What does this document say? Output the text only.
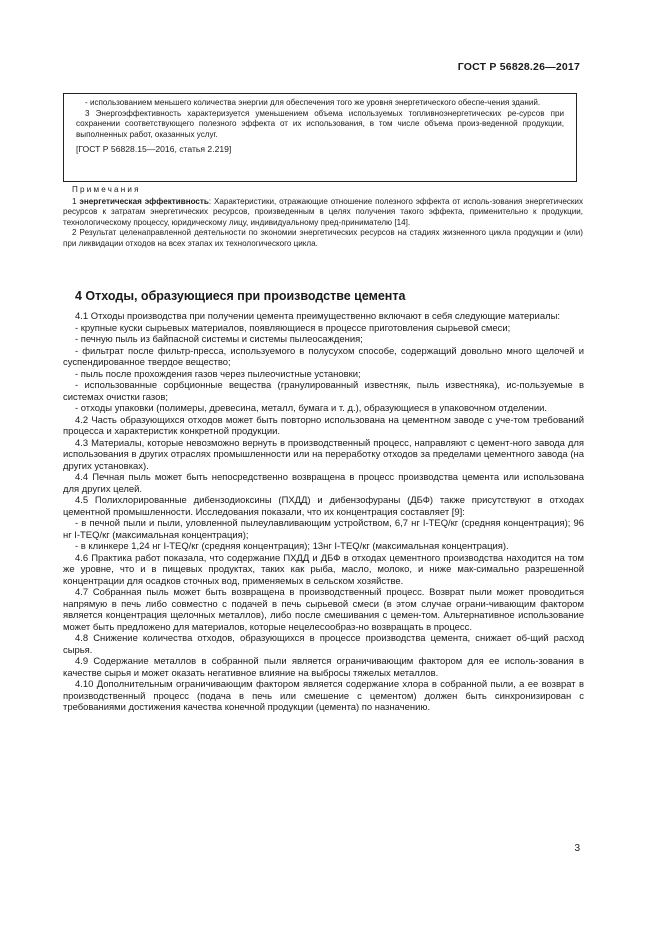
ГОСТ Р 56828.26—2017

- использованием меньшего количества энергии для обеспечения того же уровня энергетического обеспе-чения зданий.

3 Энергоэффективность характеризуется уменьшением объема используемых топливноэнергетических ре-сурсов при сохранении соответствующего полезного эффекта от их использования, в том числе объема произ-веденной продукции, выполненных работ, оказанных услуг.

[ГОСТ Р 56828.15—2016, статья 2.219]

Примечания

1 энергетическая эффективность: Характеристики, отражающие отношение полезного эффекта от исполь-зования энергетических ресурсов к затратам энергетических ресурсов, произведенным в целях получения такого эффекта, применительно к продукции, технологическому процессу, юридическому лицу, индивидуальному пред-принимателю [14].

2 Результат целенаправленной деятельности по экономии энергетических ресурсов на стадиях жизненного цикла продукции и (или) при ликвидации отходов на всех этапах их технологического цикла.

4 Отходы, образующиеся при производстве цемента

4.1 Отходы производства при получении цемента преимущественно включают в себя следующие материалы:

- крупные куски сырьевых материалов, появляющиеся в процессе приготовления сырьевой смеси;

- печную пыль из байпасной системы и системы пылеосаждения;

- фильтрат после фильтр-пресса, используемого в полусухом способе, содержащий довольно много щелочей и суспендированное твердое вещество;

- пыль после прохождения газов через пылеочистные установки;

- использованные сорбционные вещества (гранулированный известняк, пыль известняка), ис-пользуемые в системах очистки газов;

- отходы упаковки (полимеры, древесина, металл, бумага и т. д.), образующиеся в упаковочном отделении.

4.2 Часть образующихся отходов может быть повторно использована на цементном заводе с уче-том требований процесса и характеристик конкретной продукции.

4.3 Материалы, которые невозможно вернуть в производственный процесс, направляют с цемент-ного завода для использования в других отраслях промышленности или на переработку отходов за пределами цементного завода (на других установках).

4.4 Печная пыль может быть непосредственно возвращена в процесс производства цемента или использована для других целей.

4.5 Полихлорированные дибензодиоксины (ПХДД) и дибензофураны (ДБФ) также присутствуют в отходах цементной промышленности. Исследования показали, что их концентрация составляет [9]:

- в печной пыли и пыли, уловленной пылеулавливающим устройством, 6,7 нг I-TEQ/кг (средняя концентрация); 96 нг I-TEQ/кг (максимальная концентрация);

- в клинкере 1,24 нг I-TEQ/кг (средняя концентрация); 13нг I-TEQ/кг (максимальная концентрация).

4.6 Практика работ показала, что содержание ПХДД и ДБФ в отходах цементного производства находится на том же уровне, что и в пищевых продуктах, таких как рыба, масло, молоко, и ниже мак-симально разрешенной концентрации для осадков сточных вод, применяемых в сельском хозяйстве.

4.7 Собранная пыль может быть возвращена в производственный процесс. Возврат пыли может проводиться напрямую в печь либо совместно с подачей в печь сырьевой смеси (в этом случае ограни-чивающим фактором является концентрация щелочных металлов), либо после смешивания с цемен-том. Альтернативное использование может быть предложено для материалов, которые нецелесообраз-но возвращать в процесс.

4.8 Снижение количества отходов, образующихся в процессе производства цемента, снижает об-щий расход сырья.

4.9 Содержание металлов в собранной пыли является ограничивающим фактором для ее исполь-зования в качестве сырья и может оказать негативное влияние на выбросы тяжелых металлов.

4.10 Дополнительным ограничивающим фактором является содержание хлора в собранной пыли, а ее возврат в производственный процесс (подача в печь или смешение с цементом) должен быть синхронизирован с требованиями достижения качества конечной продукции (цемента) по назначению.

3
